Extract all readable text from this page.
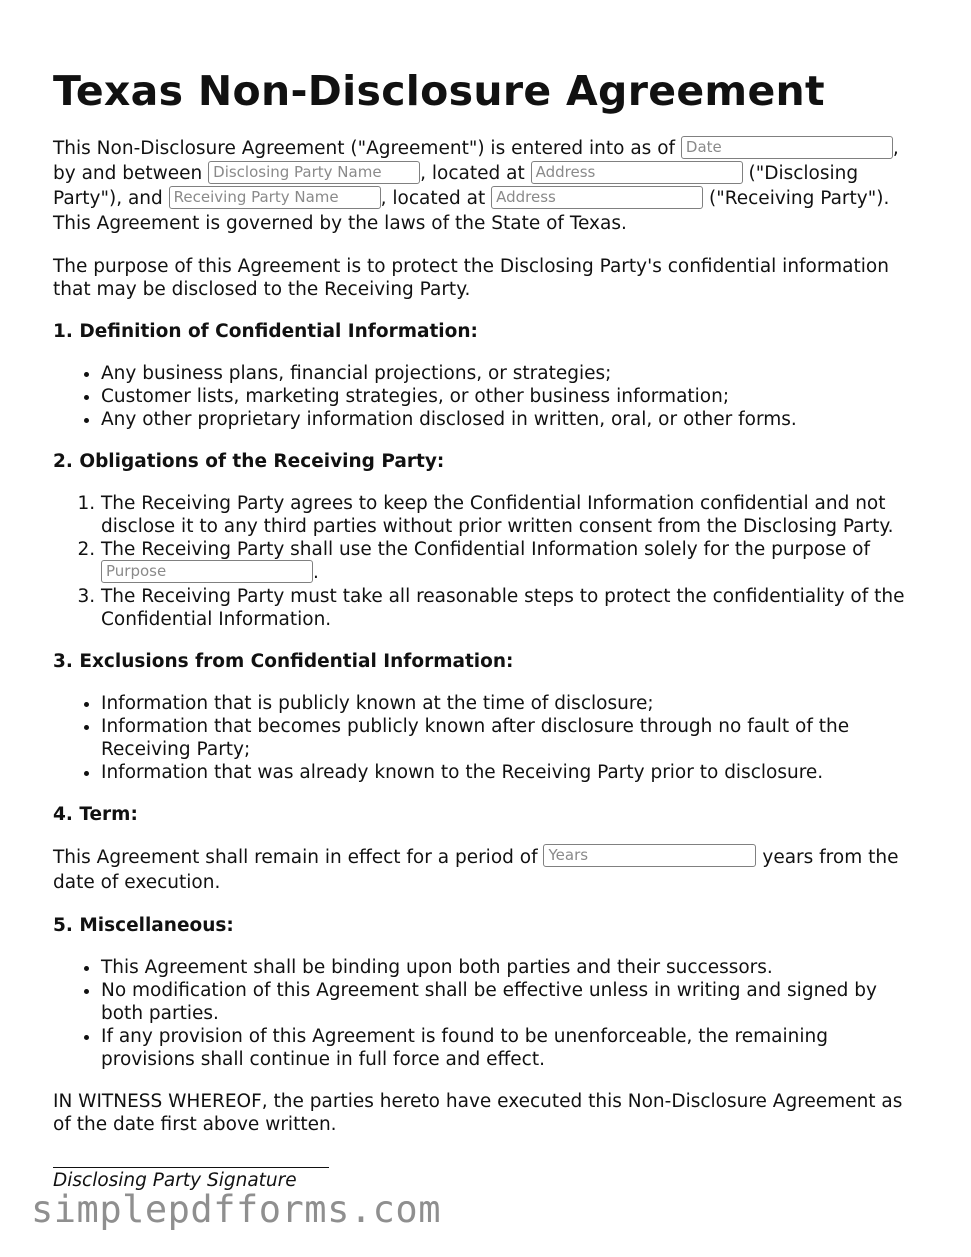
Texas Non-Disclosure Agreement

This Non-Disclosure Agreement ("Agreement") is entered into as of Date	, by and between Disclosing Party Name , located at Address	("Disclosing Party"), and Receiving Party Name , located at Address	("Receiving Party"). This Agreement is governed by the laws of the State of Texas.

The purpose of this Agreement is to protect the Disclosing Party's confidential information that may be disclosed to the Receiving Party.

1. Definition of Confidential Information:
• Any business plans, financial projections, or strategies;
• Customer lists, marketing strategies, or other business information;
• Any other proprietary information disclosed in written, oral, or other forms.
2. Obligations of the Receiving Party:
1. The Receiving Party agrees to keep the Confidential Information confidential and not disclose it to any third parties without prior written consent from the Disclosing Party.
2. The Receiving Party shall use the Confidential Information solely for the purpose of
Purpose	.
3. The Receiving Party must take all reasonable steps to protect the confidentiality of the Confidential Information.
3. Exclusions from Confidential Information:
• Information that is publicly known at the time of disclosure;
• Information that becomes publicly known after disclosure through no fault of the Receiving Party;
• Information that was already known to the Receiving Party prior to disclosure.
4. Term:

This Agreement shall remain in effect for a period of Years	years from the date of execution.

5. Miscellaneous:
• This Agreement shall be binding upon both parties and their successors.
• No modification of this Agreement shall be effective unless in writing and signed by both parties.
• If any provision of this Agreement is found to be unenforceable, the remaining provisions shall continue in full force and effect.

IN WITNESS WHEREOF, the parties hereto have executed this Non-Disclosure Agreement as of the date first above written.

Disclosing Party Signature
simplepdfforms.com
